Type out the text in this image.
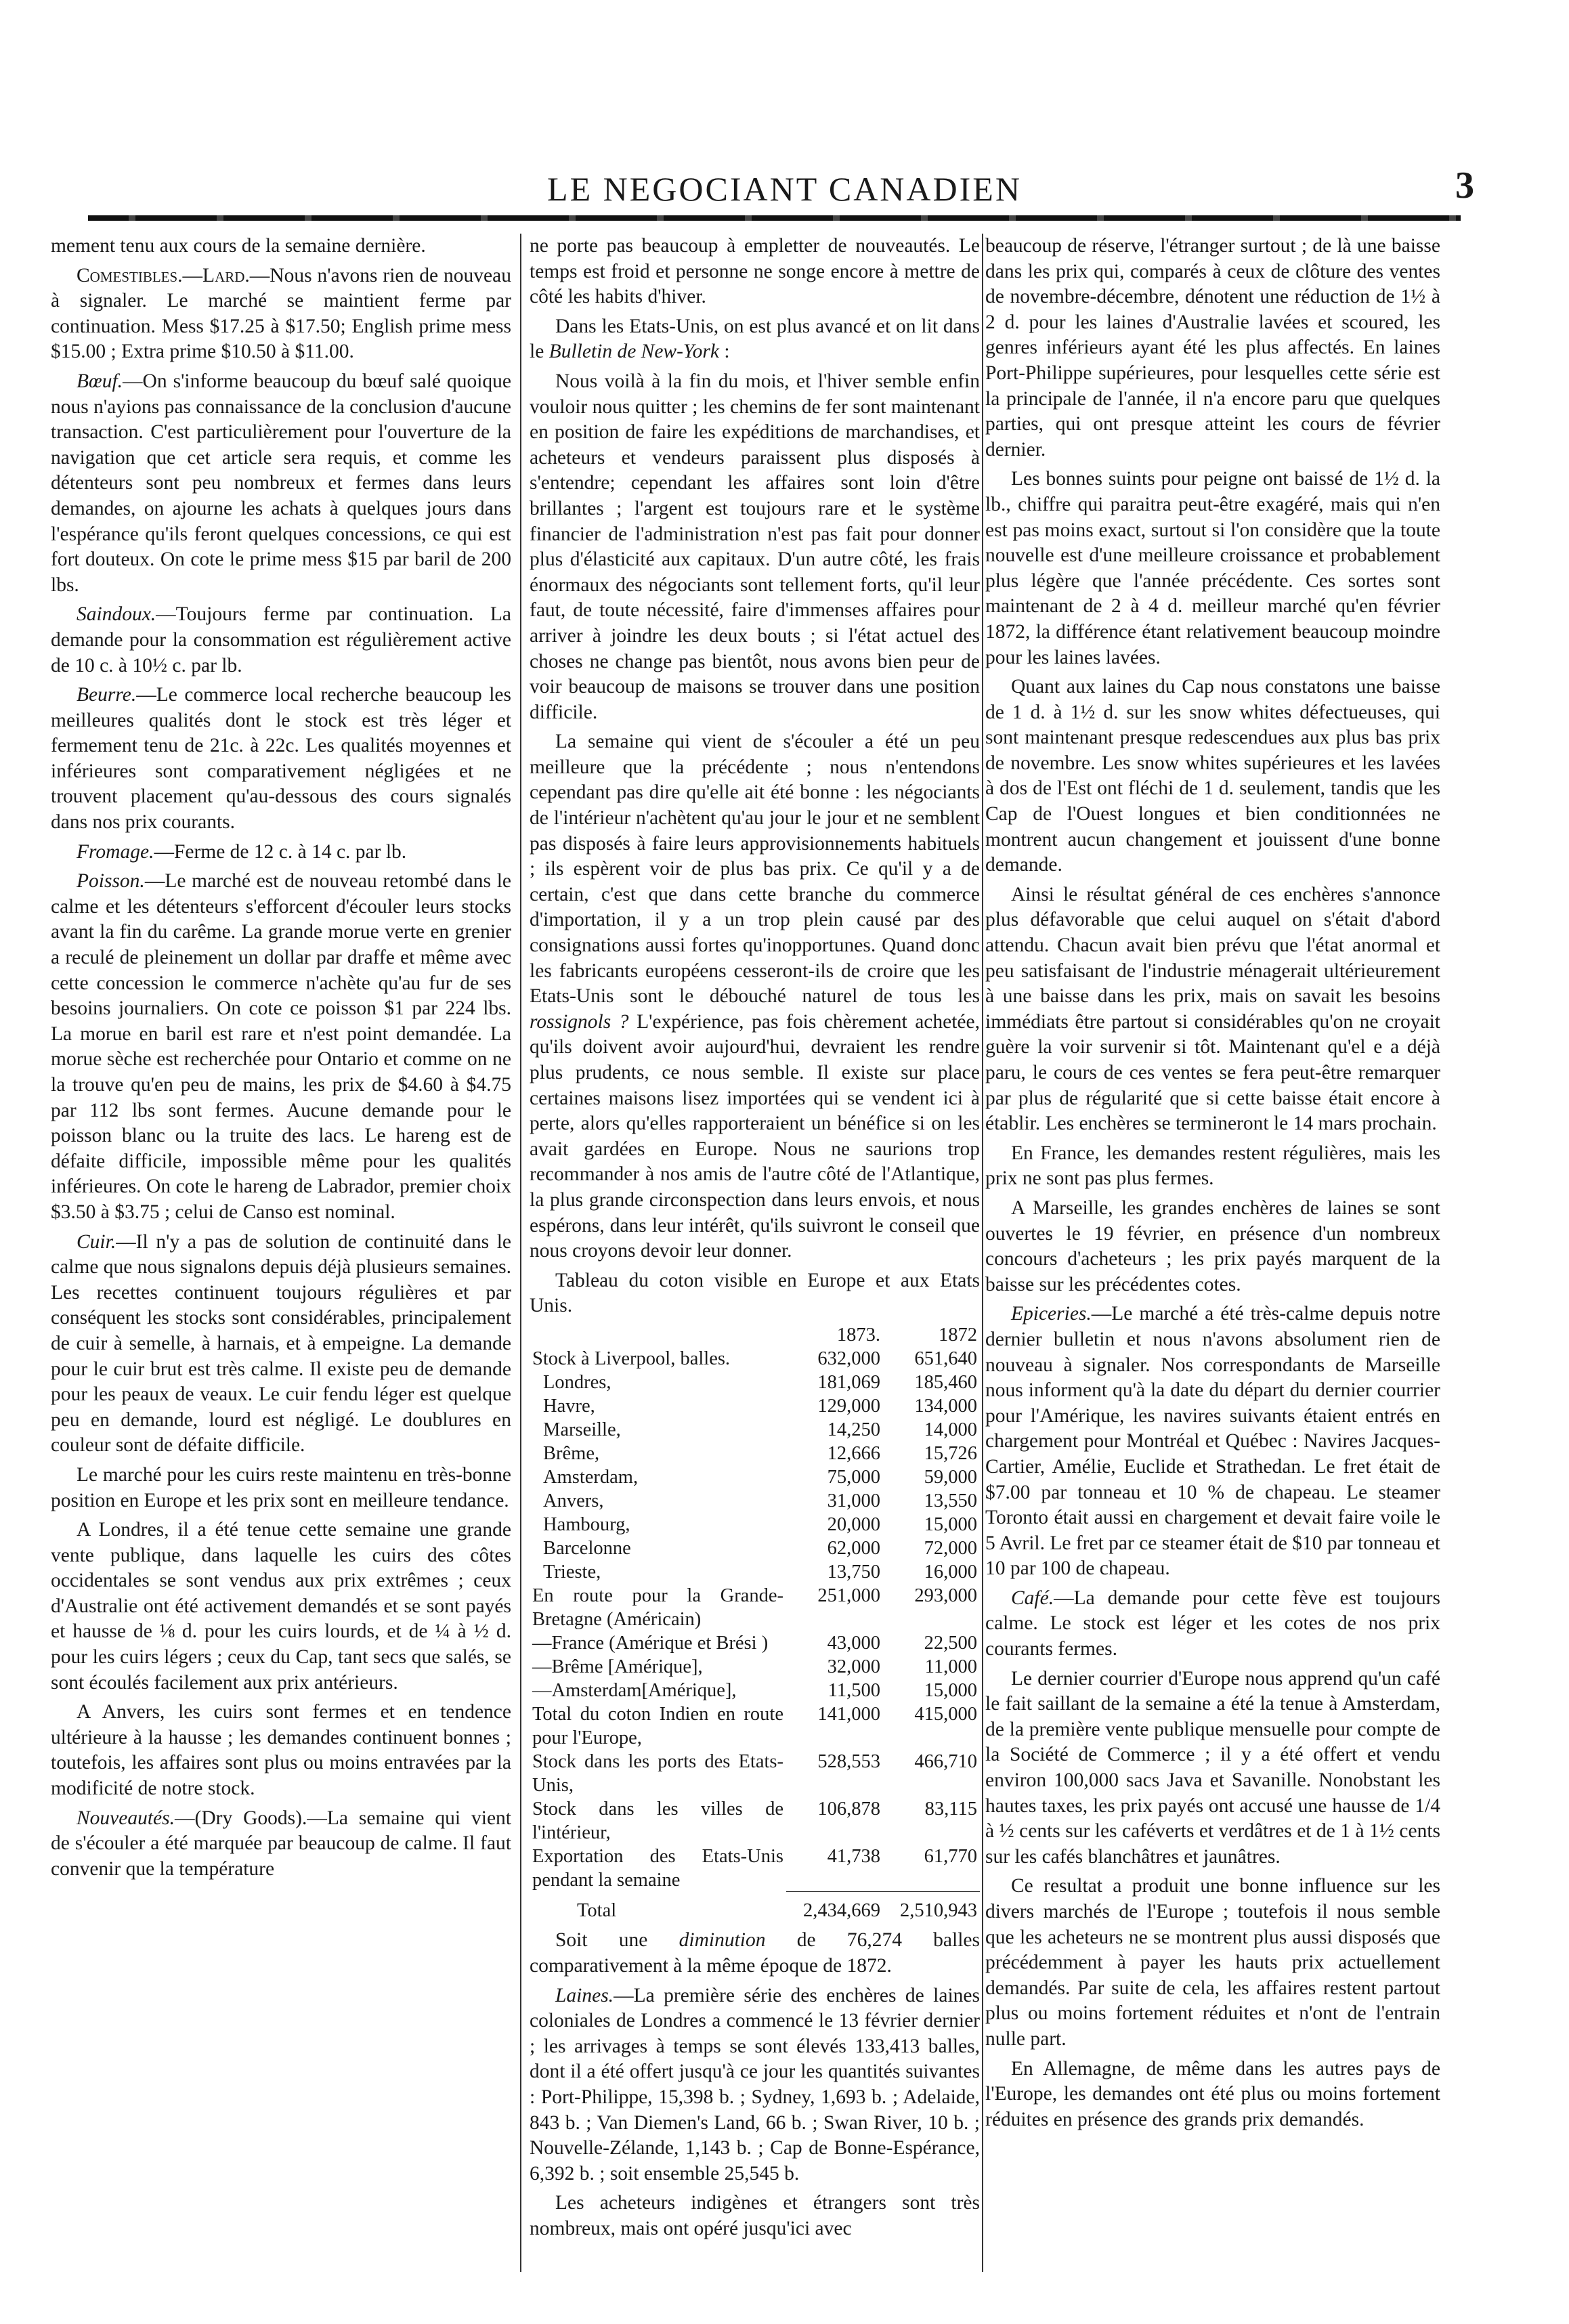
LE NEGOCIANT CANADIEN	3

mement tenu aux cours de la semaine dernière.

Comestibles.—Lard.—Nous n'avons rien de nouveau à signaler. Le marché se maintient ferme par continuation. Mess $17.25 à $17.50; English prime mess $15.00 ; Extra prime $10.50 à $11.00.

Bœuf.—On s'informe beaucoup du bœuf salé quoique nous n'ayions pas connaissance de la conclusion d'aucune transaction. C'est particulièrement pour l'ouverture de la navigation que cet article sera requis, et comme les détenteurs sont peu nombreux et fermes dans leurs demandes, on ajourne les achats à quelques jours dans l'espérance qu'ils feront quelques concessions, ce qui est fort douteux. On cote le prime mess $15 par baril de 200 lbs.

Saindoux.—Toujours ferme par continuation. La demande pour la consommation est régulièrement active de 10 c. à 10½ c. par lb.

Beurre.—Le commerce local recherche beaucoup les meilleures qualités dont le stock est très léger et fermement tenu de 21c. à 22c. Les qualités moyennes et inférieures sont comparativement négligées et ne trouvent placement qu'au-dessous des cours signalés dans nos prix courants.

Fromage.—Ferme de 12 c. à 14 c. par lb.

Poisson.—Le marché est de nouveau retombé dans le calme et les détenteurs s'efforcent d'écouler leurs stocks avant la fin du carême. La grande morue verte en grenier a reculé de pleinement un dollar par draffe et même avec cette concession le commerce n'achète qu'au fur de ses besoins journaliers. On cote ce poisson $1 par 224 lbs. La morue en baril est rare et n'est point demandée. La morue sèche est recherchée pour Ontario et comme on ne la trouve qu'en peu de mains, les prix de $4.60 à $4.75 par 112 lbs sont fermes. Aucune demande pour le poisson blanc ou la truite des lacs. Le hareng est de défaite difficile, impossible même pour les qualités inférieures. On cote le hareng de Labrador, premier choix $3.50 à $3.75 ; celui de Canso est nominal.

Cuir.—Il n'y a pas de solution de continuité dans le calme que nous signalons depuis déjà plusieurs semaines. Les recettes continuent toujours régulières et par conséquent les stocks sont considérables, principalement de cuir à semelle, à harnais, et à empeigne. La demande pour le cuir brut est très calme. Il existe peu de demande pour les peaux de veaux. Le cuir fendu léger est quelque peu en demande, lourd est négligé. Le doublures en couleur sont de défaite difficile.

Le marché pour les cuirs reste maintenu en très-bonne position en Europe et les prix sont en meilleure tendance.

A Londres, il a été tenue cette semaine une grande vente publique, dans laquelle les cuirs des côtes occidentales se sont vendus aux prix extrêmes ; ceux d'Australie ont été activement demandés et se sont payés et hausse de ⅛ d. pour les cuirs lourds, et de ¼ à ½ d. pour les cuirs légers ; ceux du Cap, tant secs que salés, se sont écoulés facilement aux prix antérieurs.

A Anvers, les cuirs sont fermes et en tendence ultérieure à la hausse ; les demandes continuent bonnes ; toutefois, les affaires sont plus ou moins entravées par la modificité de notre stock.

Nouveautés.—(Dry Goods).—La semaine qui vient de s'écouler a été marquée par beaucoup de calme. Il faut convenir que la température

ne porte pas beaucoup à empletter de nouveautés. Le temps est froid et personne ne songe encore à mettre de côté les habits d'hiver.

Dans les Etats-Unis, on est plus avancé et on lit dans le Bulletin de New-York :

Nous voilà à la fin du mois, et l'hiver semble enfin vouloir nous quitter ; les chemins de fer sont maintenant en position de faire les expéditions de marchandises, et acheteurs et vendeurs paraissent plus disposés à s'entendre; cependant les affaires sont loin d'être brillantes ; l'argent est toujours rare et le système financier de l'administration n'est pas fait pour donner plus d'élasticité aux capitaux. D'un autre côté, les frais énormaux des négociants sont tellement forts, qu'il leur faut, de toute nécessité, faire d'immenses affaires pour arriver à joindre les deux bouts ; si l'état actuel des choses ne change pas bientôt, nous avons bien peur de voir beaucoup de maisons se trouver dans une position difficile.

La semaine qui vient de s'écouler a été un peu meilleure que la précédente ; nous n'entendons cependant pas dire qu'elle ait été bonne : les négociants de l'intérieur n'achètent qu'au jour le jour et ne semblent pas disposés à faire leurs approvisionnements habituels ; ils espèrent voir de plus bas prix. Ce qu'il y a de certain, c'est que dans cette branche du commerce d'importation, il y a un trop plein causé par des consignations aussi fortes qu'inopportunes. Quand donc les fabricants européens cesseront-ils de croire que les Etats-Unis sont le débouché naturel de tous les rossignols ? L'expérience, pas fois chèrement achetée, qu'ils doivent avoir aujourd'hui, devraient les rendre plus prudents, ce nous semble. Il existe sur place certaines maisons lisez importées qui se vendent ici à perte, alors qu'elles rapporteraient un bénéfice si on les avait gardées en Europe. Nous ne saurions trop recommander à nos amis de l'autre côté de l'Atlantique, la plus grande circonspection dans leurs envois, et nous espérons, dans leur intérêt, qu'ils suivront le conseil que nous croyons devoir leur donner.

Tableau du coton visible en Europe et aux Etats Unis.

	1873.	1872
Stock à Liverpool, balles.	632,000	651,640
Londres,	181,069	185,460
Havre,	129,000	134,000
Marseille,	14,250	14,000
Brême,	12,666	15,726
Amsterdam,	75,000	59,000
Anvers,	31,000	13,550
Hambourg,	20,000	15,000
Barcelonne	62,000	72,000
Trieste,	13,750	16,000
En route pour la Grande-Bretagne (Américain)	251,000	293,000
—France (Amérique et Brési )	43,000	22,500
—Brême [Amérique],	32,000	11,000
—Amsterdam[Amérique],	11,500	15,000
Total du coton Indien en route pour l'Europe,	141,000	415,000
Stock dans les ports des Etats-Unis,	528,553	466,710
Stock dans les villes de l'intérieur,	106,878	83,115
Exportation des Etats-Unis pendant la semaine	41,738	61,770
Total	2,434,669	2,510,943

Soit une diminution de 76,274 balles comparativement à la même époque de 1872.

Laines.—La première série des enchères de laines coloniales de Londres a commencé le 13 février dernier ; les arrivages à temps se sont élevés 133,413 balles, dont il a été offert jusqu'à ce jour les quantités suivantes : Port-Philippe, 15,398 b. ; Sydney, 1,693 b. ; Adelaide, 843 b. ; Van Diemen's Land, 66 b. ; Swan River, 10 b. ; Nouvelle-Zélande, 1,143 b. ; Cap de Bonne-Espérance, 6,392 b. ; soit ensemble 25,545 b.

Les acheteurs indigènes et étrangers sont très nombreux, mais ont opéré jusqu'ici avec

beaucoup de réserve, l'étranger surtout ; de là une baisse dans les prix qui, comparés à ceux de clôture des ventes de novembre-décembre, dénotent une réduction de 1½ à 2 d. pour les laines d'Australie lavées et scoured, les genres inférieurs ayant été les plus affectés. En laines Port-Philippe supérieures, pour lesquelles cette série est la principale de l'année, il n'a encore paru que quelques parties, qui ont presque atteint les cours de février dernier.

Les bonnes suints pour peigne ont baissé de 1½ d. la lb., chiffre qui paraitra peut-être exagéré, mais qui n'en est pas moins exact, surtout si l'on considère que la toute nouvelle est d'une meilleure croissance et probablement plus légère que l'année précédente. Ces sortes sont maintenant de 2 à 4 d. meilleur marché qu'en février 1872, la différence étant relativement beaucoup moindre pour les laines lavées.

Quant aux laines du Cap nous constatons une baisse de 1 d. à 1½ d. sur les snow whites défectueuses, qui sont maintenant presque redescendues aux plus bas prix de novembre. Les snow whites supérieures et les lavées à dos de l'Est ont fléchi de 1 d. seulement, tandis que les Cap de l'Ouest longues et bien conditionnées ne montrent aucun changement et jouissent d'une bonne demande.

Ainsi le résultat général de ces enchères s'annonce plus défavorable que celui auquel on s'était d'abord attendu. Chacun avait bien prévu que l'état anormal et peu satisfaisant de l'industrie ménagerait ultérieurement à une baisse dans les prix, mais on savait les besoins immédiats être partout si considérables qu'on ne croyait guère la voir survenir si tôt. Maintenant qu'el e a déjà paru, le cours de ces ventes se fera peut-être remarquer par plus de régularité que si cette baisse était encore à établir. Les enchères se termineront le 14 mars prochain.

En France, les demandes restent régulières, mais les prix ne sont pas plus fermes.

A Marseille, les grandes enchères de laines se sont ouvertes le 19 février, en présence d'un nombreux concours d'acheteurs ; les prix payés marquent de la baisse sur les précédentes cotes.

Epiceries.—Le marché a été très-calme depuis notre dernier bulletin et nous n'avons absolument rien de nouveau à signaler. Nos correspondants de Marseille nous informent qu'à la date du départ du dernier courrier pour l'Amérique, les navires suivants étaient entrés en chargement pour Montréal et Québec : Navires Jacques-Cartier, Amélie, Euclide et Strathedan. Le fret était de $7.00 par tonneau et 10 % de chapeau. Le steamer Toronto était aussi en chargement et devait faire voile le 5 Avril. Le fret par ce steamer était de $10 par tonneau et 10 par 100 de chapeau.

Café.—La demande pour cette fève est toujours calme. Le stock est léger et les cotes de nos prix courants fermes.

Le dernier courrier d'Europe nous apprend qu'un café le fait saillant de la semaine a été la tenue à Amsterdam, de la première vente publique mensuelle pour compte de la Société de Commerce ; il y a été offert et vendu environ 100,000 sacs Java et Savanille. Nonobstant les hautes taxes, les prix payés ont accusé une hausse de 1/4 à ½ cents sur les caféverts et verdâtres et de 1 à 1½ cents sur les cafés blanchâtres et jaunâtres.

Ce resultat a produit une bonne influence sur les divers marchés de l'Europe ; toutefois il nous semble que les acheteurs ne se montrent plus aussi disposés que précédemment à payer les hauts prix actuellement demandés. Par suite de cela, les affaires restent partout plus ou moins fortement réduites et n'ont de l'entrain nulle part.

En Allemagne, de même dans les autres pays de l'Europe, les demandes ont été plus ou moins fortement réduites en présence des grands prix demandés.
